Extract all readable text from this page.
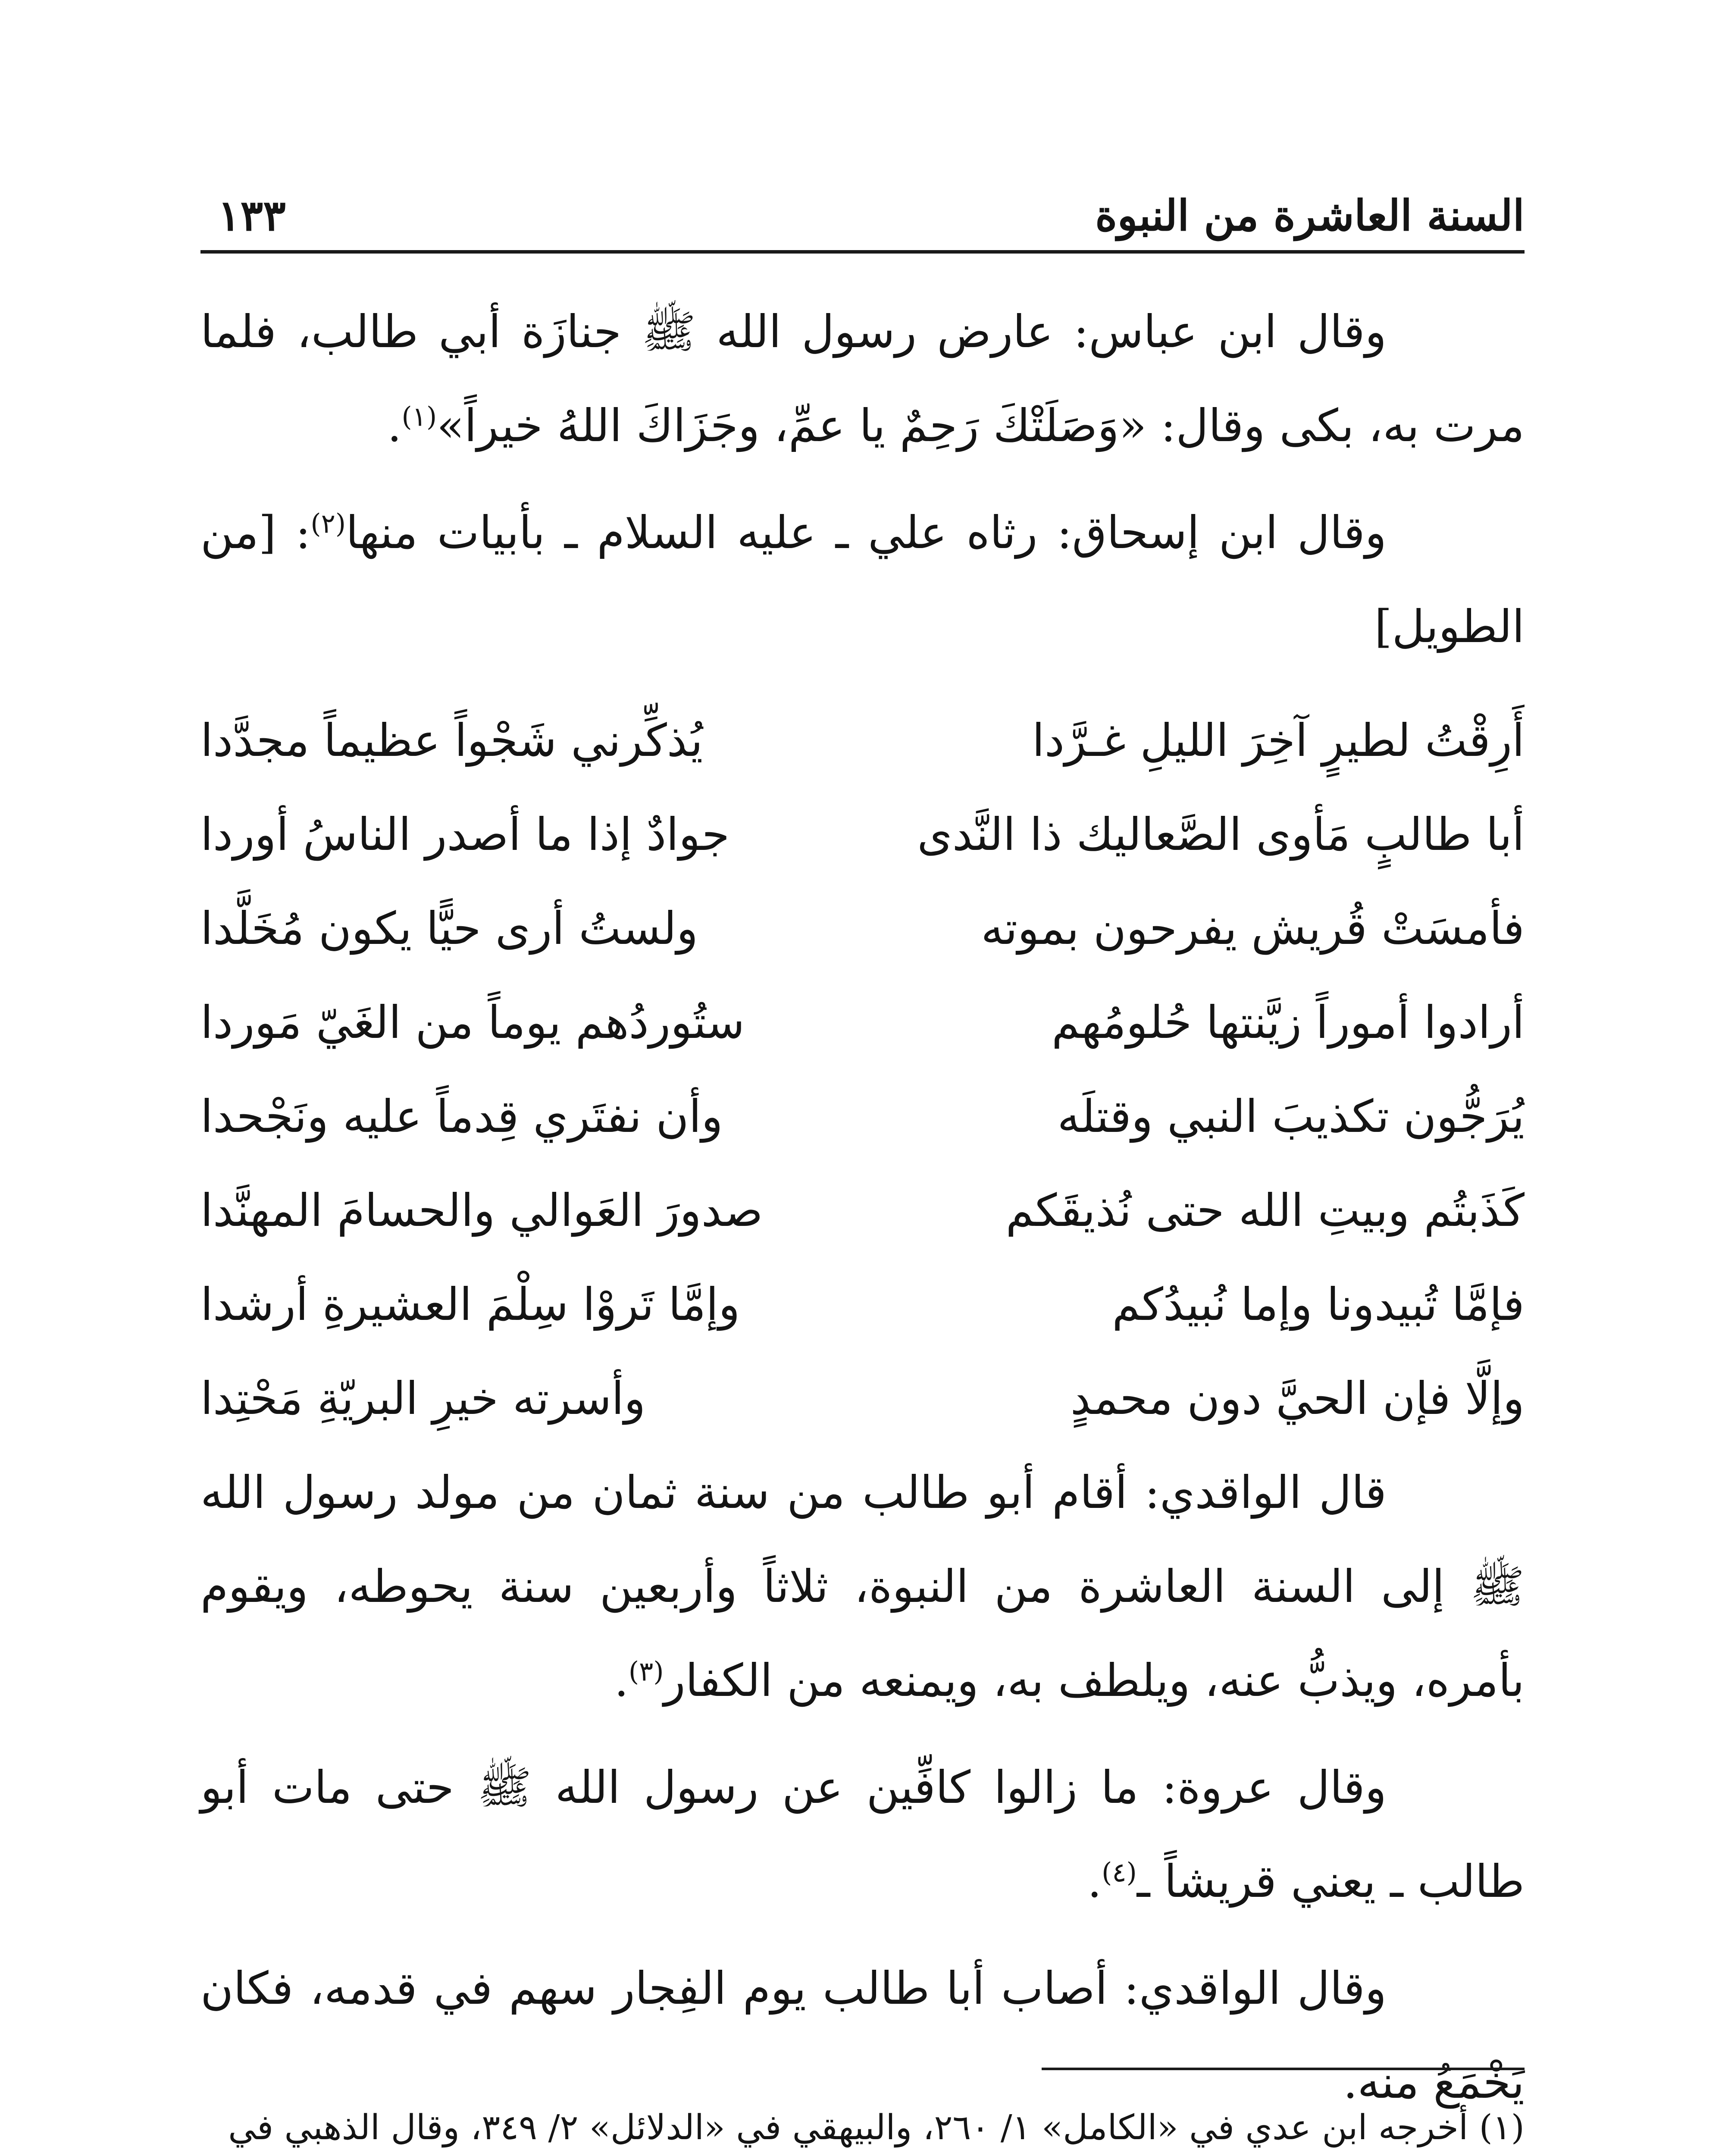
السنة العاشرة من النبوة
١٣٣

وقال ابن عباس: عارض رسول الله ﷺ جنازَة أبي طالب، فلما مرت به، بكى وقال: «وَصَلَتْكَ رَحِمٌ يا عمِّ، وجَزَاكَ اللهُ خيراً»$^{(١)}$.

وقال ابن إسحاق: رثاه علي ـ عليه السلام ـ بأبيات منها$^{(٢)}$: [من الطويل]

أَرِقْتُ لطيرٍ آخِرَ الليلِ غـرَّدا
يُذكِّرني شَجْواً عظيماً مجدَّدا
أبا طالبٍ مَأوى الصَّعاليك ذا النَّدى
جوادٌ إذا ما أصدر الناسُ أوردا
فأمسَتْ قُريش يفرحون بموته
ولستُ أرى حيًّا يكون مُخَلَّدا
أرادوا أموراً زيَّنتها حُلومُهم
ستُوردُهم يوماً من الغَيّ مَوردا
يُرَجُّون تكذيبَ النبي وقتلَه
وأن نفتَري قِدماً عليه ونَجْحدا
كَذَبتُم وبيتِ الله حتى نُذيقَكم
صدورَ العَوالي والحسامَ المهنَّدا
فإمَّا تُبيدونا وإما نُبيدُكم
وإمَّا تَروْا سِلْمَ العشيرةِ أرشدا
وإلَّا فإن الحيَّ دون محمدٍ
وأسرته خيرِ البريّةِ مَحْتِدا

قال الواقدي: أقام أبو طالب من سنة ثمان من مولد رسول الله ﷺ إلى السنة العاشرة من النبوة، ثلاثاً وأربعين سنة يحوطه، ويقوم بأمره، ويذبُّ عنه، ويلطف به، ويمنعه من الكفار$^{(٣)}$.

وقال عروة: ما زالوا كافِّين عن رسول الله ﷺ حتى مات أبو طالب ـ يعني قريشاً ـ$^{(٤)}$.

وقال الواقدي: أصاب أبا طالب يوم الفِجار سهم في قدمه، فكان يَخْمَعُ منه.

(١) أخرجه ابن عدي في «الكامل» ١/ ٢٦٠، والبيهقي في «الدلائل» ٢/ ٣٤٩، وقال الذهبي في
